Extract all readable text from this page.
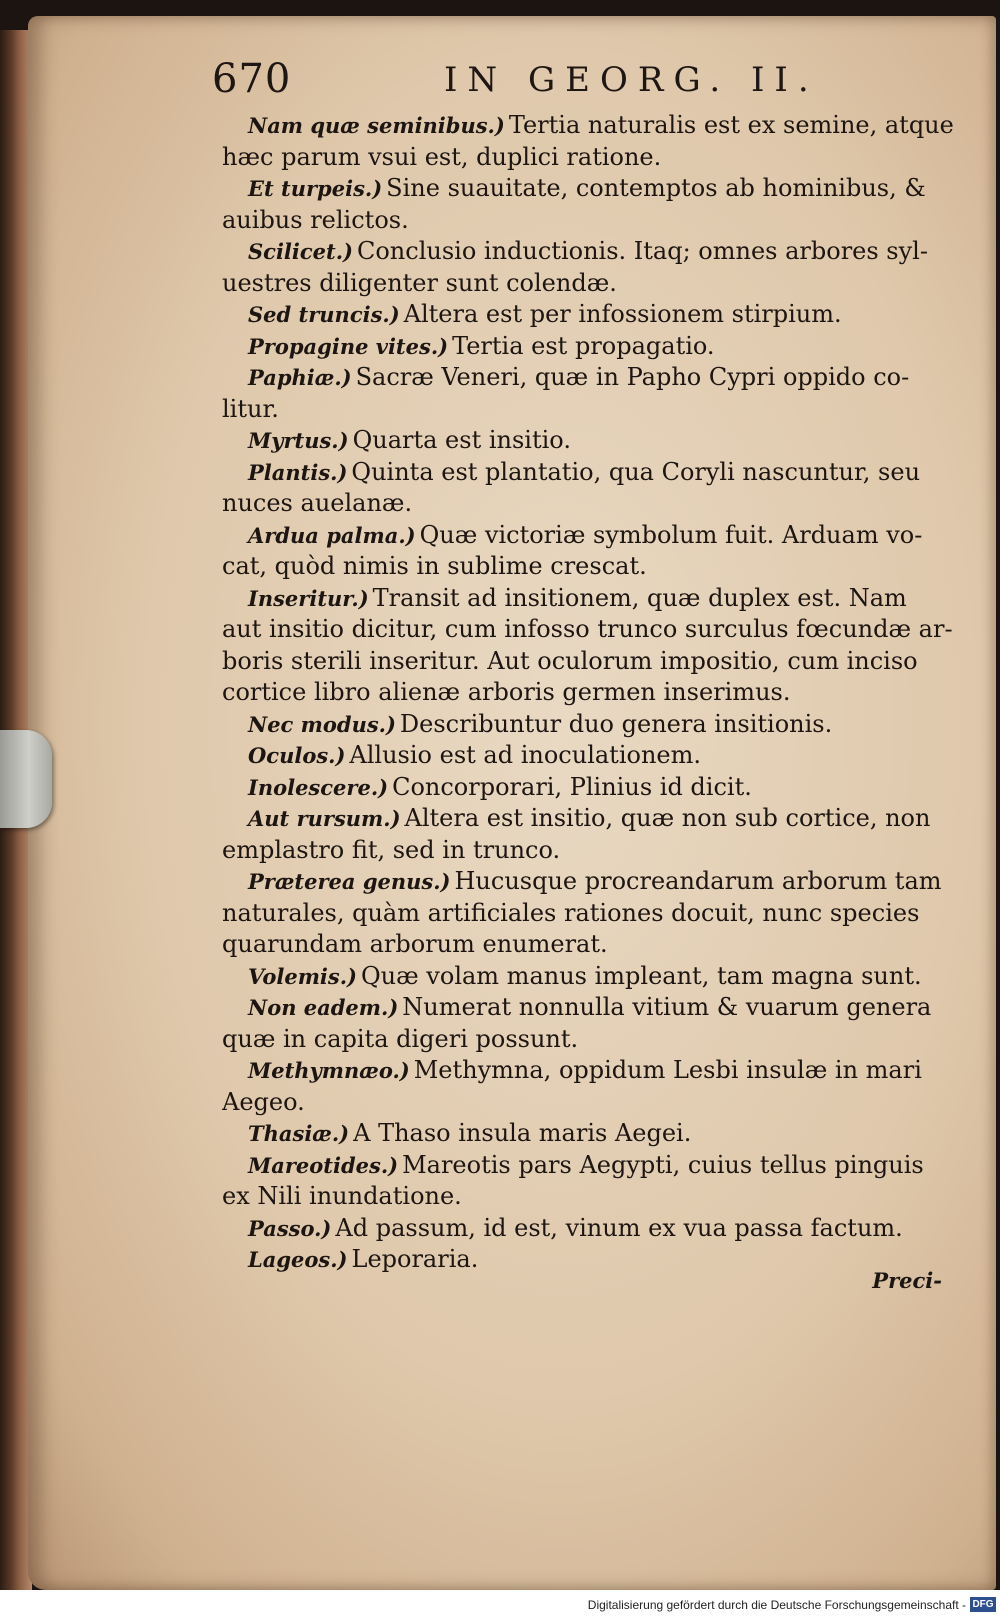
670	IN GEORG. II.
Nam quæ seminibus.) Tertia naturalis est ex semine, atque
hæc parum vsui est, duplici ratione.
Et turpeis.) Sine suauitate, contemptos ab hominibus, &
auibus relictos.
Scilicet.) Conclusio inductionis. Itaq; omnes arbores syl-
uestres diligenter sunt colendæ.
Sed truncis.) Altera est per infossionem stirpium.
Propagine vites.) Tertia est propagatio.
Paphiæ.) Sacræ Veneri, quæ in Papho Cypri oppido co-
litur.
Myrtus.) Quarta est insitio.
Plantis.) Quinta est plantatio, qua Coryli nascuntur, seu
nuces auelanæ.
Ardua palma.) Quæ victoriæ symbolum fuit. Arduam vo-
cat, quòd nimis in sublime crescat.
Inseritur.) Transit ad insitionem, quæ duplex est. Nam
aut insitio dicitur, cum infosso trunco surculus fœcundæ ar-
boris sterili inseritur. Aut oculorum impositio, cum inciso
cortice libro alienæ arboris germen inserimus.
Nec modus.) Describuntur duo genera insitionis.
Oculos.) Allusio est ad inoculationem.
Inolescere.) Concorporari, Plinius id dicit.
Aut rursum.) Altera est insitio, quæ non sub cortice, non
emplastro fit, sed in trunco.
Præterea genus.) Hucusque procreandarum arborum tam
naturales, quàm artificiales rationes docuit, nunc species
quarundam arborum enumerat.
Volemis.) Quæ volam manus impleant, tam magna sunt.
Non eadem.) Numerat nonnulla vitium & vuarum genera
quæ in capita digeri possunt.
Methymnæo.) Methymna, oppidum Lesbi insulæ in mari
Aegeo.
Thasiæ.) A Thaso insula maris Aegei.
Mareotides.) Mareotis pars Aegypti, cuius tellus pinguis
ex Nili inundatione.
Passo.) Ad passum, id est, vinum ex vua passa factum.
Lageos.) Leporaria.
Preci-
Digitalisierung gefördert durch die Deutsche Forschungsgemeinschaft - DFG
